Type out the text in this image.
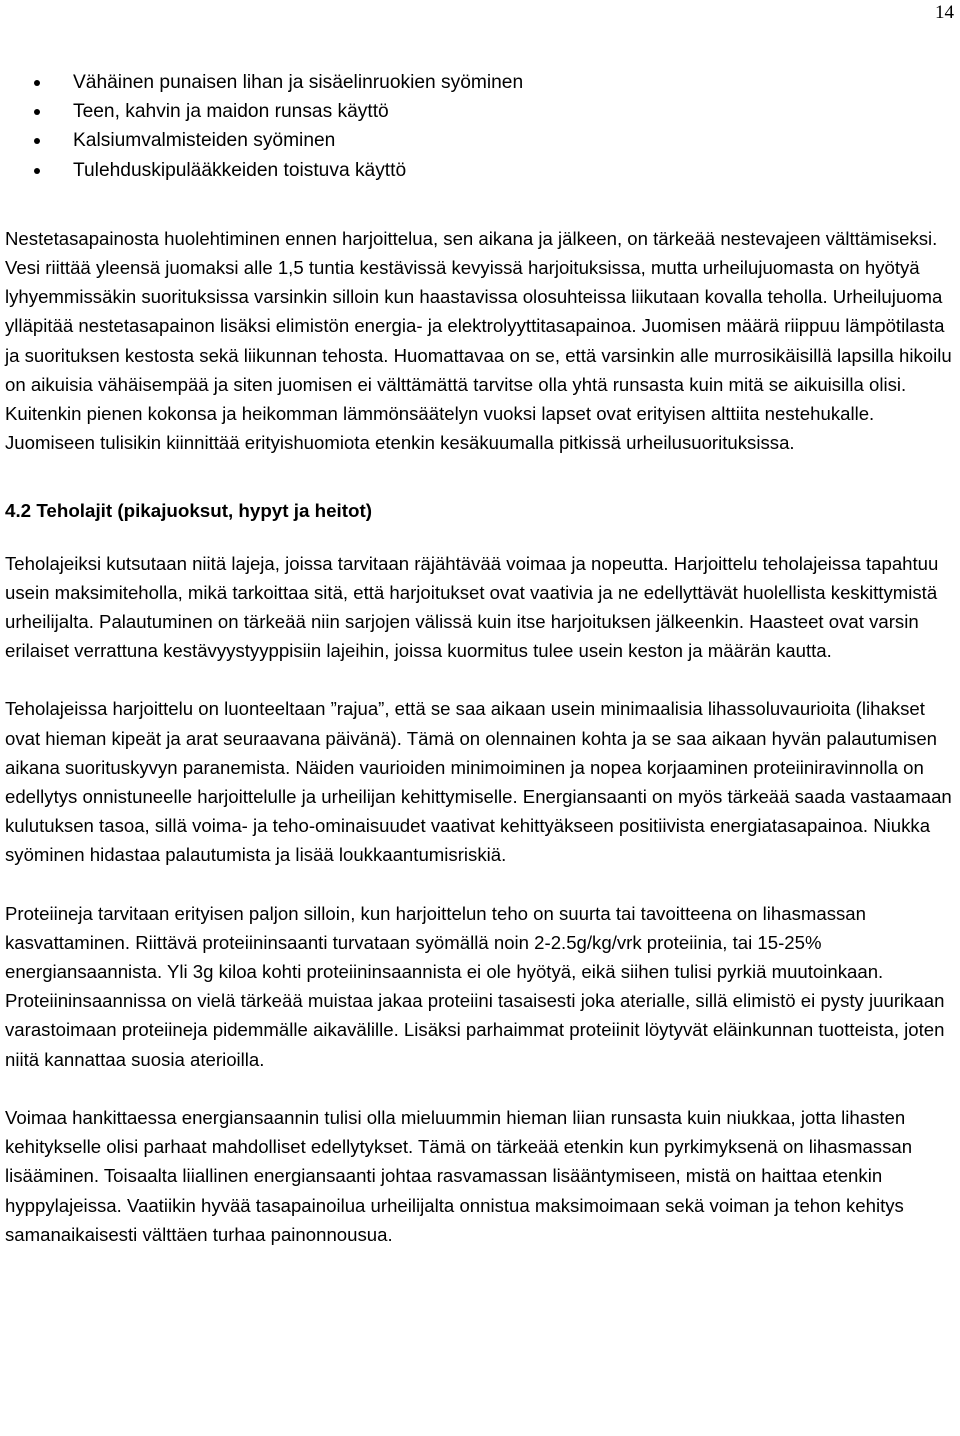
14
Vähäinen punaisen lihan ja sisäelinruokien syöminen
Teen, kahvin ja maidon runsas käyttö
Kalsiumvalmisteiden syöminen
Tulehduskipulääkkeiden toistuva käyttö

Nestetasapainosta huolehtiminen ennen harjoittelua, sen aikana ja jälkeen, on tärkeää nestevajeen välttämiseksi. Vesi riittää yleensä juomaksi alle 1,5 tuntia kestävissä kevyissä harjoituksissa, mutta urheilujuomasta on hyötyä lyhyemmissäkin suorituksissa varsinkin silloin kun haastavissa olosuhteissa liikutaan kovalla teholla. Urheilujuoma ylläpitää nestetasapainon lisäksi elimistön energia- ja elektrolyyttitasapainoa. Juomisen määrä riippuu lämpötilasta ja suorituksen kestosta sekä liikunnan tehosta. Huomattavaa on se, että varsinkin alle murrosikäisillä lapsilla hikoilu on aikuisia vähäisempää ja siten juomisen ei välttämättä tarvitse olla yhtä runsasta kuin mitä se aikuisilla olisi. Kuitenkin pienen kokonsa ja heikomman lämmönsäätelyn vuoksi lapset ovat erityisen alttiita nestehukalle. Juomiseen tulisikin kiinnittää erityishuomiota etenkin kesäkuumalla pitkissä urheilusuorituksissa.

4.2 Teholajit (pikajuoksut, hypyt ja heitot)

Teholajeiksi kutsutaan niitä lajeja, joissa tarvitaan räjähtävää voimaa ja nopeutta. Harjoittelu teholajeissa tapahtuu usein maksimiteholla, mikä tarkoittaa sitä, että harjoitukset ovat vaativia ja ne edellyttävät huolellista keskittymistä urheilijalta. Palautuminen on tärkeää niin sarjojen välissä kuin itse harjoituksen jälkeenkin. Haasteet ovat varsin erilaiset verrattuna kestävyystyyppisiin lajeihin, joissa kuormitus tulee usein keston ja määrän kautta.

Teholajeissa harjoittelu on luonteeltaan ”rajua”, että se saa aikaan usein minimaalisia lihassoluvaurioita (lihakset ovat hieman kipeät ja arat seuraavana päivänä). Tämä on olennainen kohta ja se saa aikaan hyvän palautumisen aikana suorituskyvyn paranemista. Näiden vaurioiden minimoiminen ja nopea korjaaminen proteiiniravinnolla on edellytys onnistuneelle harjoittelulle ja urheilijan kehittymiselle. Energiansaanti on myös tärkeää saada vastaamaan kulutuksen tasoa, sillä voima- ja teho-ominaisuudet vaativat kehittyäkseen positiivista energiatasapainoa. Niukka syöminen hidastaa palautumista ja lisää loukkaantumisriskiä.

Proteiineja tarvitaan erityisen paljon silloin, kun harjoittelun teho on suurta tai tavoitteena on lihasmassan kasvattaminen. Riittävä proteiininsaanti turvataan syömällä noin 2-2.5g/kg/vrk proteiinia, tai 15-25% energiansaannista. Yli 3g kiloa kohti proteiininsaannista ei ole hyötyä, eikä siihen tulisi pyrkiä muutoinkaan. Proteiininsaannissa on vielä tärkeää muistaa jakaa proteiini tasaisesti joka aterialle, sillä elimistö ei pysty juurikaan varastoimaan proteiineja pidemmälle aikavälille. Lisäksi parhaimmat proteiinit löytyvät eläinkunnan tuotteista, joten niitä kannattaa suosia aterioilla.

Voimaa hankittaessa energiansaannin tulisi olla mieluummin hieman liian runsasta kuin niukkaa, jotta lihasten kehitykselle olisi parhaat mahdolliset edellytykset. Tämä on tärkeää etenkin kun pyrkimyksenä on lihasmassan lisääminen. Toisaalta liiallinen energiansaanti johtaa rasvamassan lisääntymiseen, mistä on haittaa etenkin hyppylajeissa. Vaatiikin hyvää tasapainoilua urheilijalta onnistua maksimoimaan sekä voiman ja tehon kehitys samanaikaisesti välttäen turhaa painonnousua.
